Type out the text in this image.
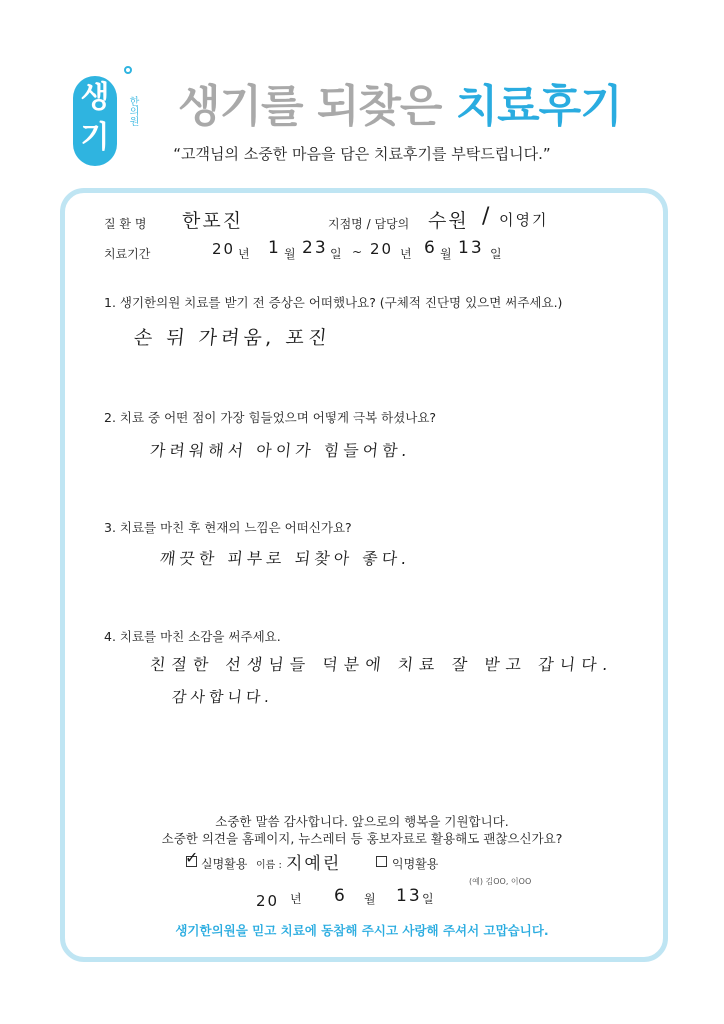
생기
한의원 생기를 되찾은 치료후기
“고객님의 소중한 마음을 담은 치료후기를 부탁드립니다.”
질 환 명 한포진	지점명 / 담당의 수원 / 이영기
치료기간	20 년 1 월 23 일 ~ 20 년 6 월 13 일
1. 생기한의원 치료를 받기 전 증상은 어떠했나요? (구체적 진단명 있으면 써주세요.)
손 뒤 가려움, 포진
2. 치료 중 어떤 점이 가장 힘들었으며 어떻게 극복 하셨나요?
가려워해서 아이가 힘들어함.
3. 치료를 마친 후 현재의 느낌은 어떠신가요?
깨끗한 피부로 되찾아 좋다.
4. 치료를 마친 소감을 써주세요.
친절한 선생님들 덕분에 치료 잘 받고 갑니다.
감사합니다.
소중한 말씀 감사합니다. 앞으로의 행복을 기원합니다.
소중한 의견을 홈페이지, 뉴스레터 등 홍보자료로 활용해도 괜찮으신가요?
✓ 실명활용 이름 : 지예린	익명활용
(예) 김OO, 이OO
20 년 6 월 13 일
생기한의원을 믿고 치료에 동참해 주시고 사랑해 주셔서 고맙습니다.
